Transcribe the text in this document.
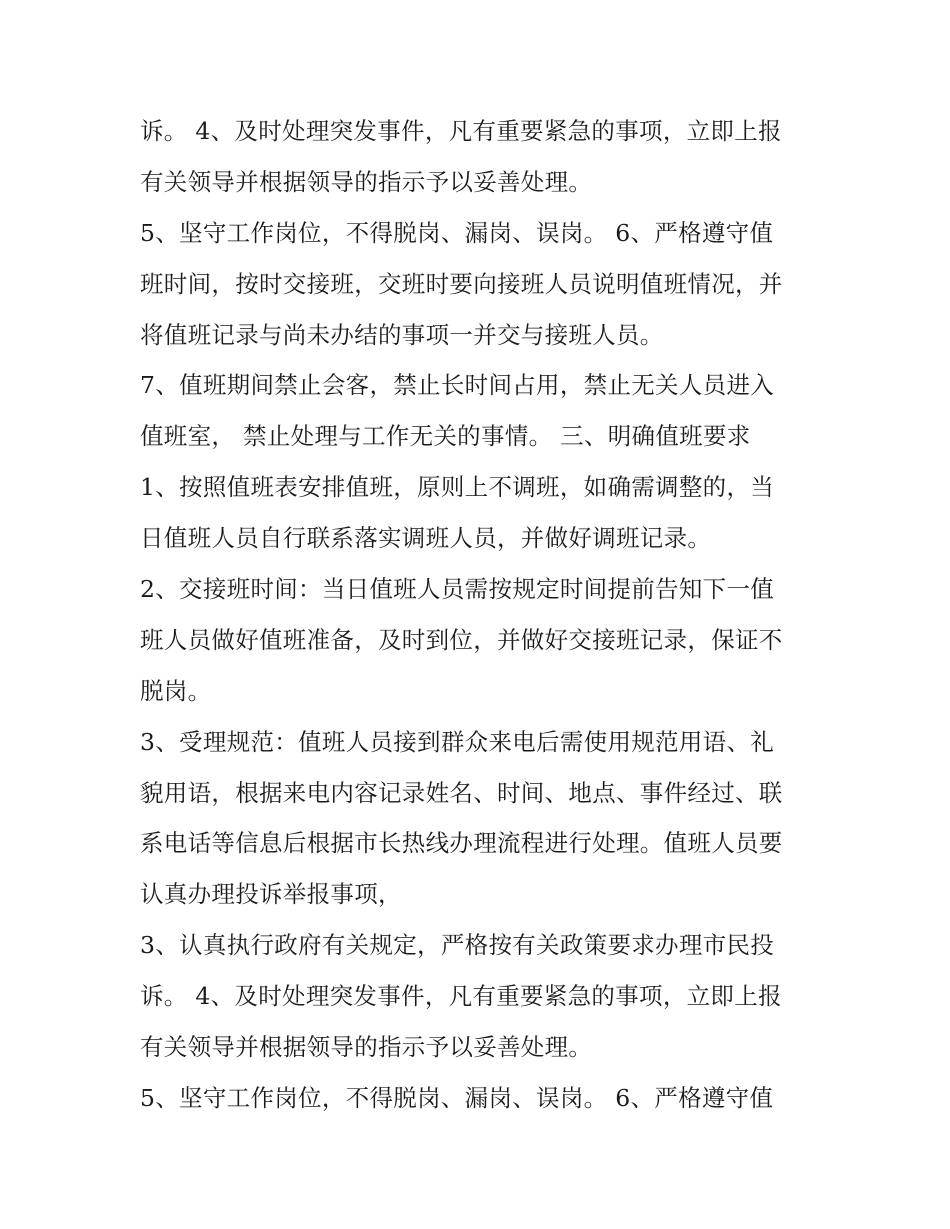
诉。 4、及时处理突发事件，凡有重要紧急的事项，立即上报
有关领导并根据领导的指示予以妥善处理。
5、坚守工作岗位，不得脱岗、漏岗、误岗。 6、严格遵守值
班时间，按时交接班，交班时要向接班人员说明值班情况，并
将值班记录与尚未办结的事项一并交与接班人员。
7、值班期间禁止会客，禁止长时间占用，禁止无关人员进入
值班室， 禁止处理与工作无关的事情。 三、明确值班要求
1、按照值班表安排值班，原则上不调班，如确需调整的，当
日值班人员自行联系落实调班人员，并做好调班记录。
2、交接班时间：当日值班人员需按规定时间提前告知下一值
班人员做好值班准备，及时到位，并做好交接班记录，保证不
脱岗。
3、受理规范：值班人员接到群众来电后需使用规范用语、礼
貌用语，根据来电内容记录姓名、时间、地点、事件经过、联
系电话等信息后根据市长热线办理流程进行处理。值班人员要
认真办理投诉举报事项，
3、认真执行政府有关规定，严格按有关政策要求办理市民投
诉。 4、及时处理突发事件，凡有重要紧急的事项，立即上报
有关领导并根据领导的指示予以妥善处理。
5、坚守工作岗位，不得脱岗、漏岗、误岗。 6、严格遵守值
